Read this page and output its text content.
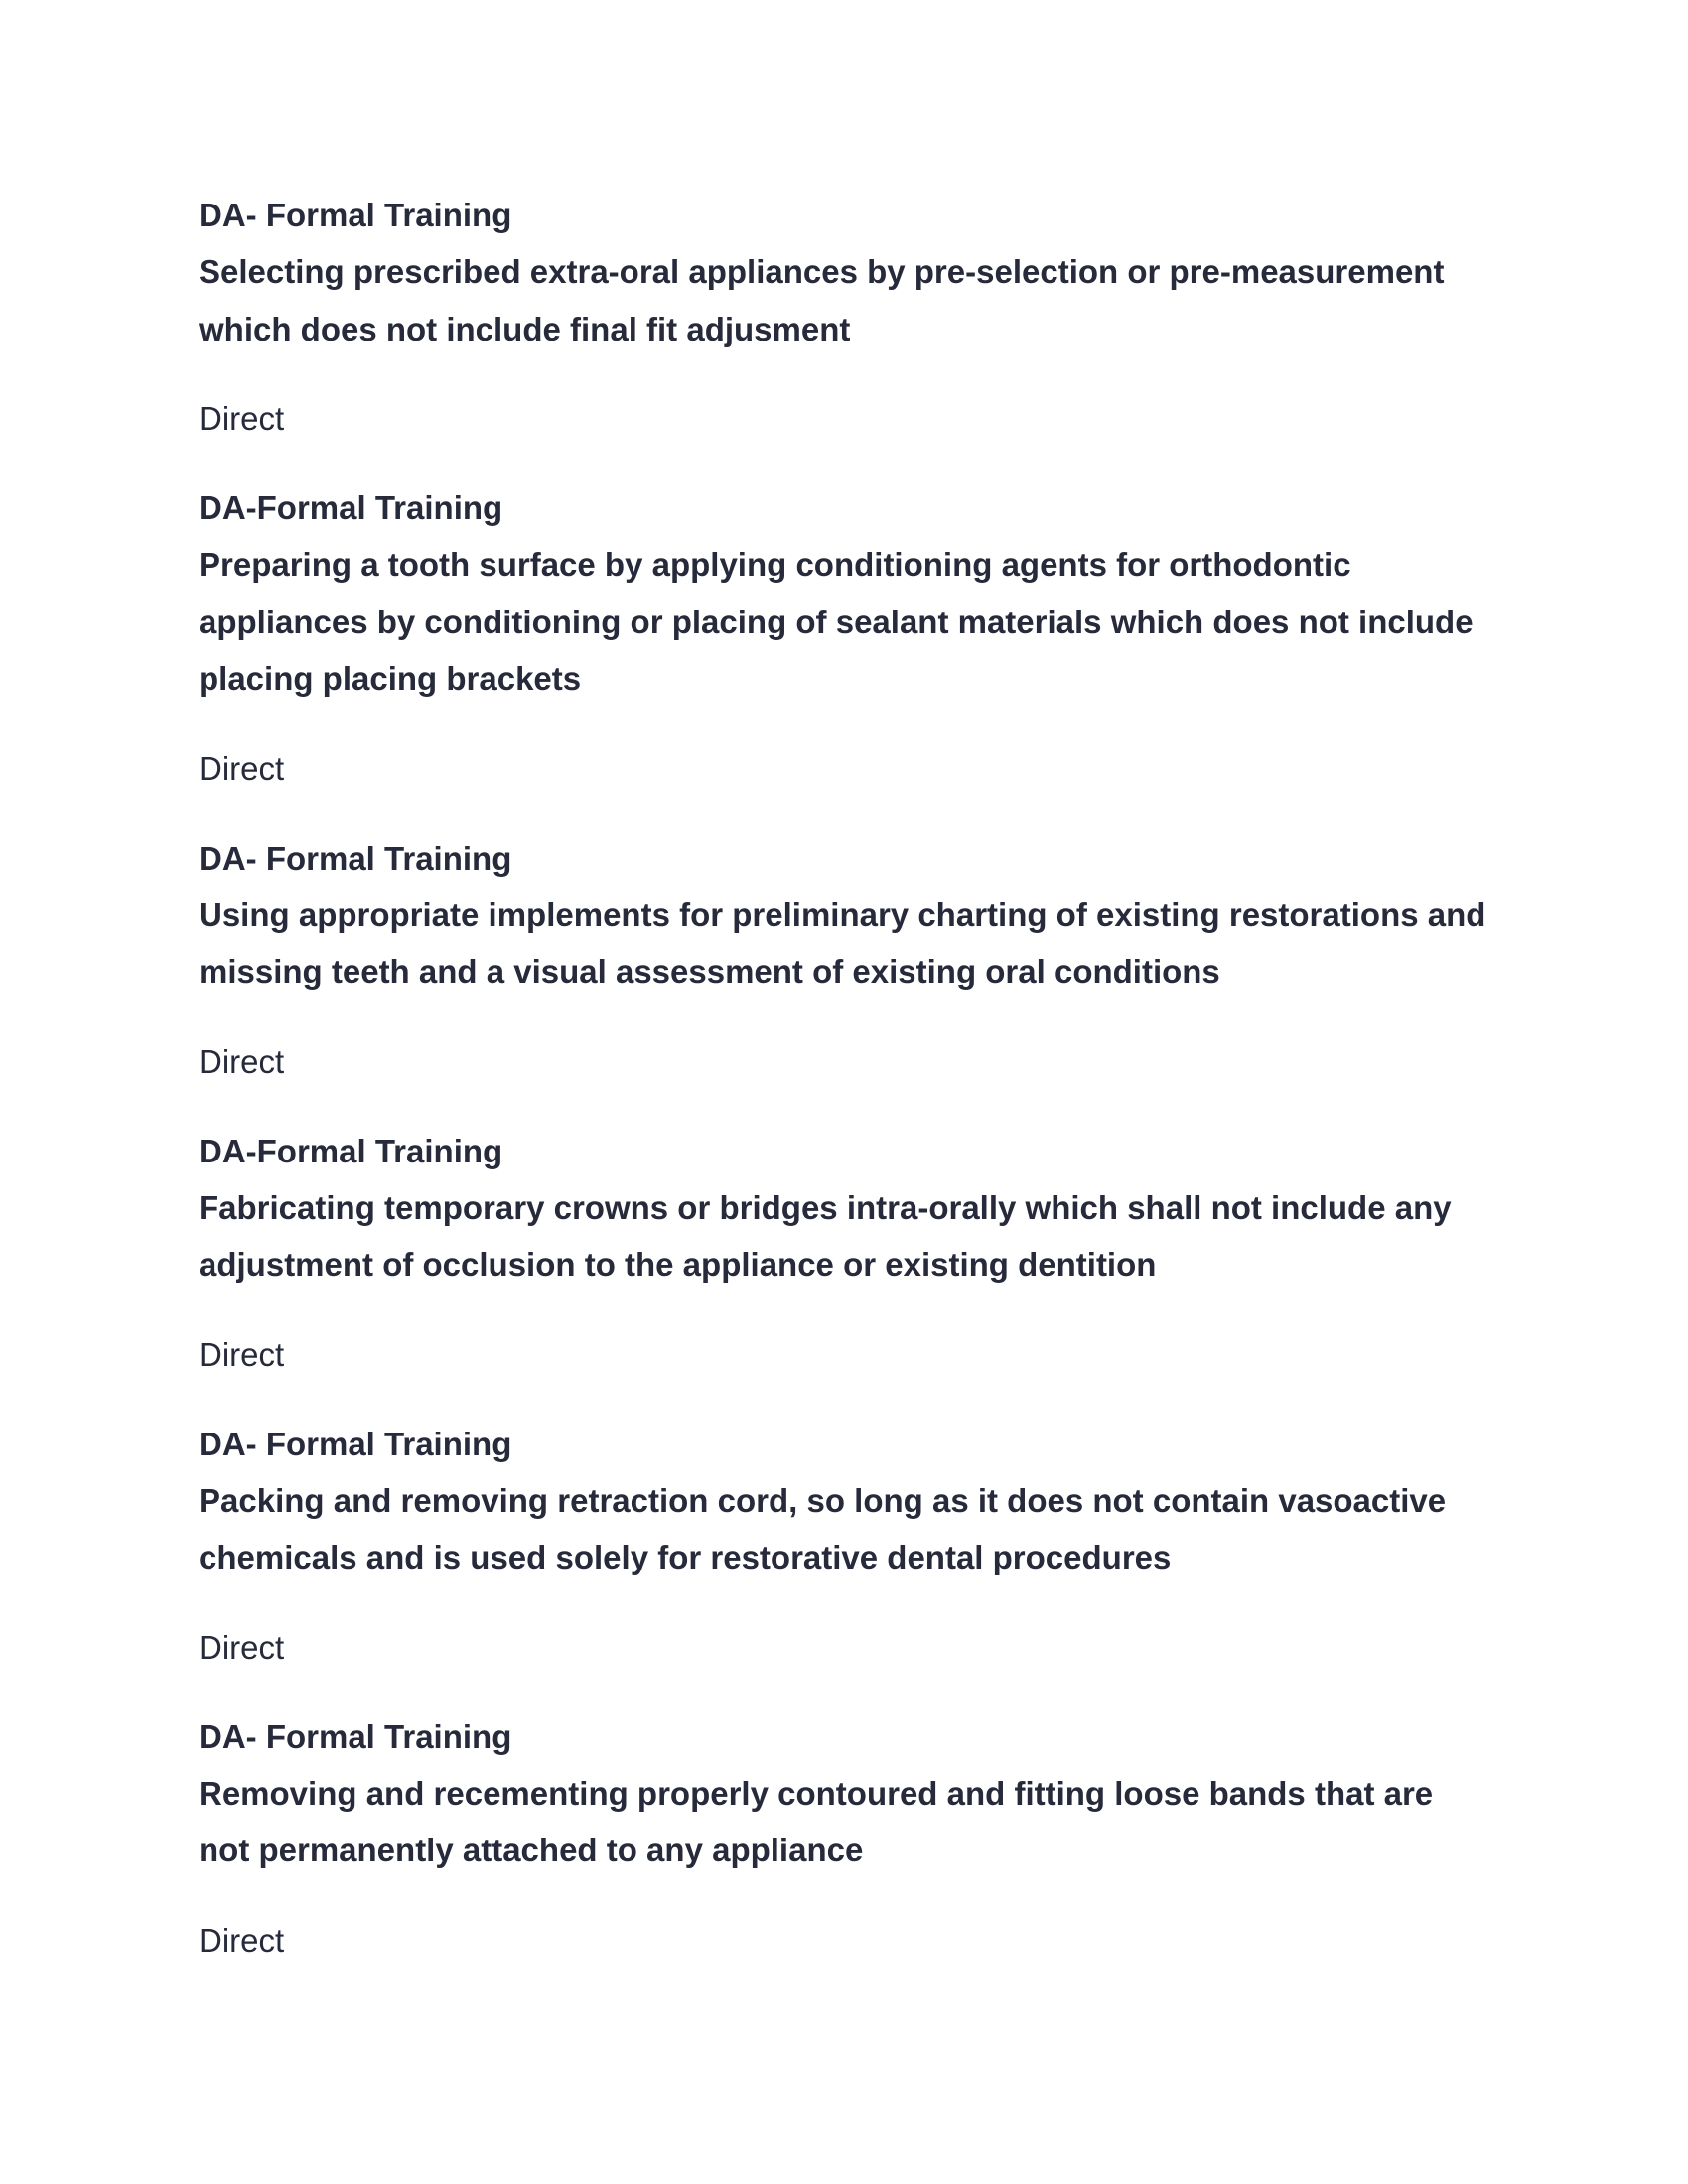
DA- Formal Training

Selecting prescribed extra-oral appliances by pre-selection or pre-measurement which does not include final fit adjusment

Direct

DA-Formal Training

Preparing a tooth surface by applying conditioning agents for orthodontic appliances by conditioning or placing of sealant materials which does not include placing placing brackets

Direct

DA- Formal Training

Using appropriate implements for preliminary charting of existing restorations and missing teeth and a visual assessment of existing oral conditions

Direct

DA-Formal Training

Fabricating temporary crowns or bridges intra-orally which shall not include any adjustment of occlusion to the appliance or existing dentition

Direct

DA- Formal Training

Packing and removing retraction cord, so long as it does not contain vasoactive chemicals and is used solely for restorative dental procedures

Direct

DA- Formal Training

Removing and recementing properly contoured and fitting loose bands that are not permanently attached to any appliance

Direct
